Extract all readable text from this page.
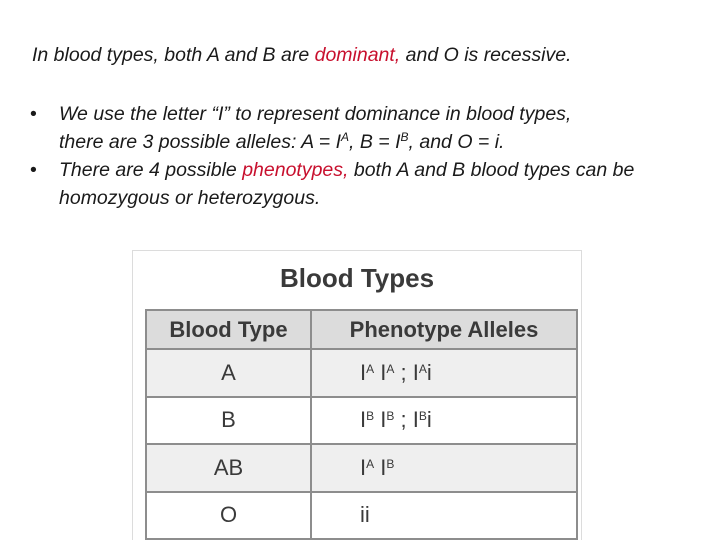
In blood types, both A and B are dominant, and O is recessive.
• We use the letter “I” to represent dominance in blood types,
there are 3 possible alleles: $A = I^A$, $B = I^B$, and O = i.
• There are 4 possible phenotypes, both A and B blood types can be homozygous or heterozygous.
Blood Types
Blood Type	Phenotype Alleles
A	$I^A$ $I^A$ ; $I^Ai$
B	$I^B$ $I^B$ ; $I^Bi$
AB	$I^A$ $I^B$
O	ii
